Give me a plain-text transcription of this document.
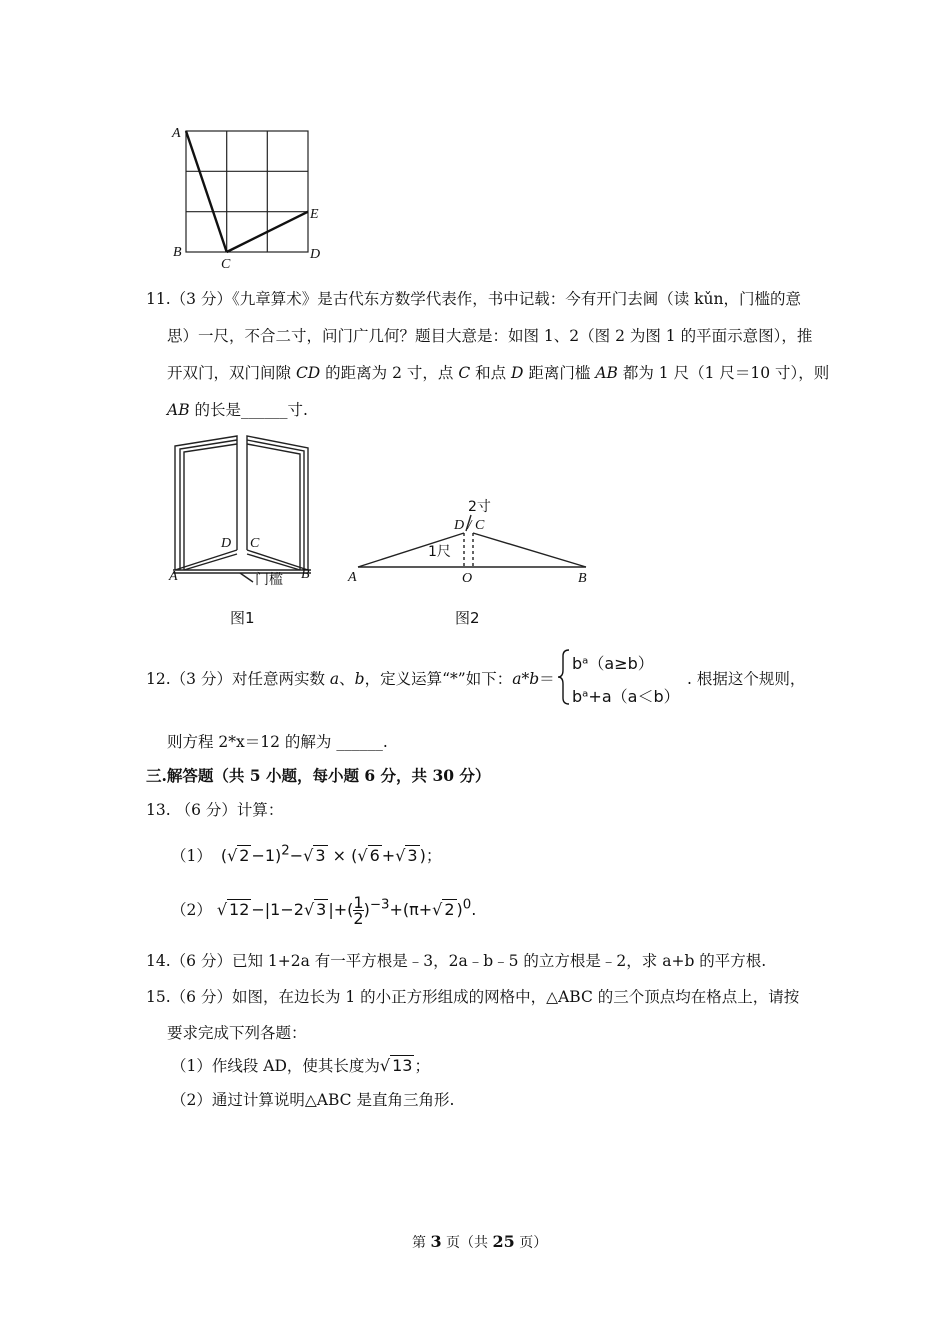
A
B
C
D
E
11.（3 分）《九章算术》是古代东方数学代表作，书中记载：今有开门去阃（读 kǔn，门槛的意
思）一尺，不合二寸，问门广几何？题目大意是：如图 1、2（图 2 为图 1 的平面示意图），推
开双门，双门间隙 CD 的距离为 2 寸，点 C 和点 D 距离门槛 AB 都为 1 尺（1 尺＝10 寸），则
AB 的长是______寸.
D C
A	B
门槛
图1
2寸
D / C
1尺
A	O	B
图2
12.（3 分）对任意两实数 a、b，定义运算“*”如下：a*b＝
bᵃ（a≥b）
bᵃ+a（a＜b）
. 根据这个规则，
则方程 2*x＝12 的解为 ______.
三.解答题（共 5 小题，每小题 6 分，共 30 分）
13. （6 分）计算：
（1） (√ 2 −1)$^2$−√ 3 × (√ 6 +√ 3 )；
（2） √ 12 −|1−2√ 3 |+( $\frac{1}{2} )^{-3}+(\pi+√$ 2 )$^0$.
14.（6 分）已知 1+2a 有一平方根是﹣3，2a﹣b﹣5 的立方根是﹣2，求 a+b 的平方根.
15.（6 分）如图，在边长为 1 的小正方形组成的网格中，△ABC 的三个顶点均在格点上，请按
要求完成下列各题：
（1）作线段 AD，使其长度为√ 13 ；
（2）通过计算说明△ABC 是直角三角形.
第 3 页（共 25 页）
